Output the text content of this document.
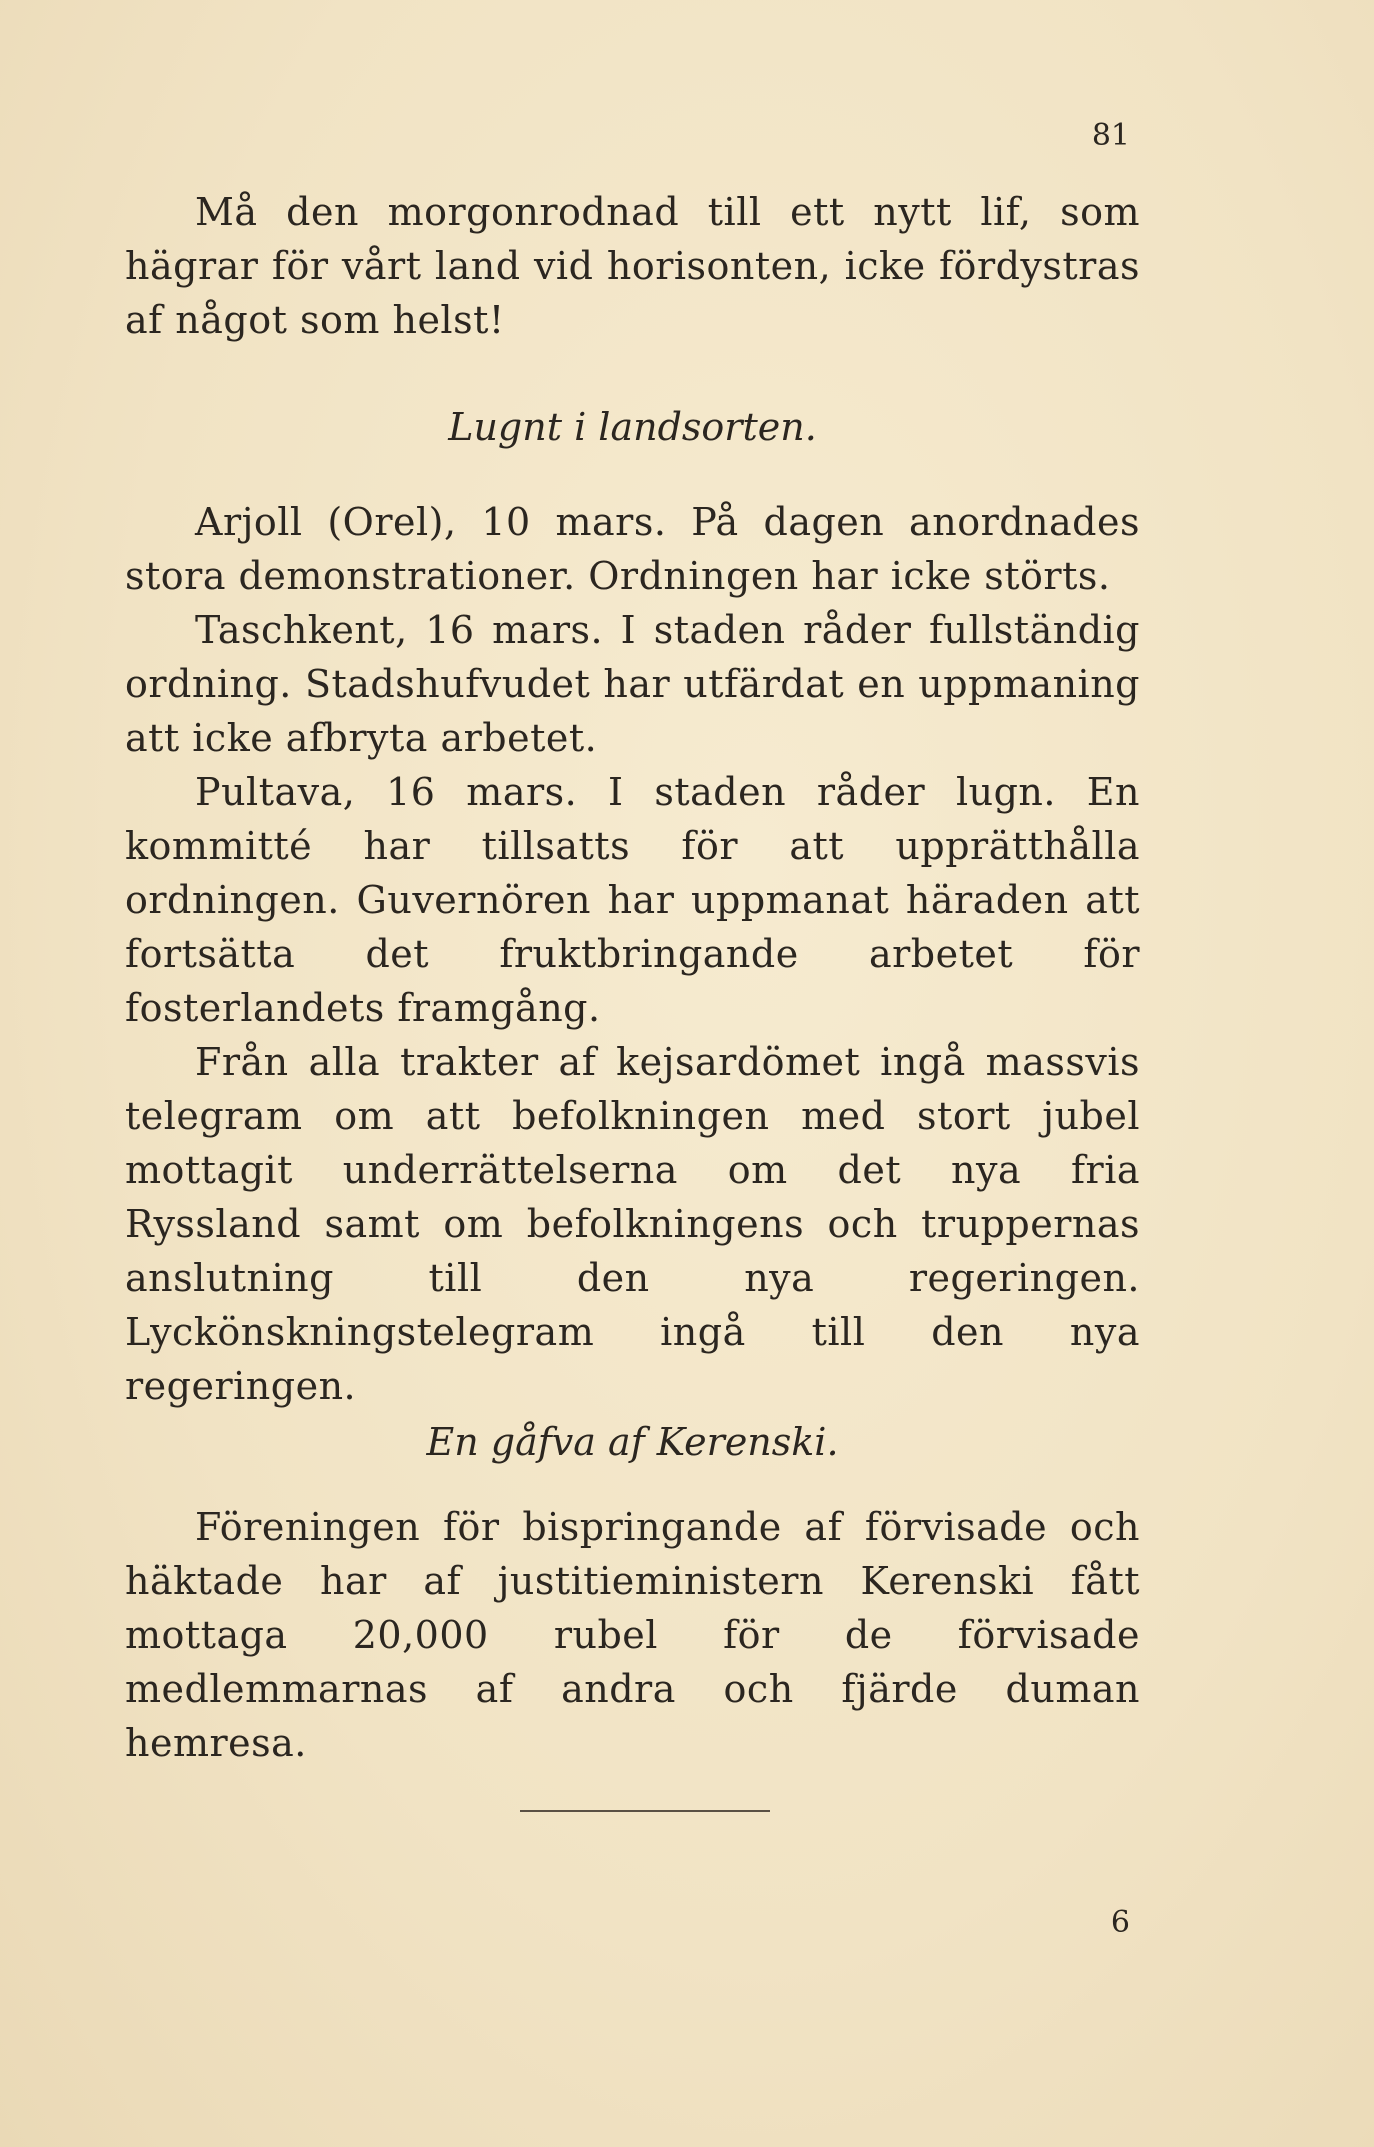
81

Må den morgonrodnad till ett nytt lif, som hägrar för vårt land vid horisonten, icke fördystras af något som helst!

Lugnt i landsorten.

Arjoll (Orel), 10 mars. På dagen anordnades stora demonstrationer. Ordningen har icke störts.

Taschkent, 16 mars. I staden råder fullständig ordning. Stadshufvudet har utfärdat en uppmaning att icke afbryta arbetet.

Pultava, 16 mars. I staden råder lugn. En kommitté har tillsatts för att upprätthålla ordningen. Guvernören har uppmanat häraden att fortsätta det fruktbringande arbetet för fosterlandets framgång.

Från alla trakter af kejsardömet ingå massvis telegram om att befolkningen med stort jubel mottagit underrättelserna om det nya fria Ryssland samt om befolkningens och truppernas anslutning till den nya regeringen. Lyckönskningstelegram ingå till den nya regeringen.

En gåfva af Kerenski.

Föreningen för bispringande af förvisade och häktade har af justitieministern Kerenski fått mottaga 20,000 rubel för de förvisade medlemmarnas af andra och fjärde duman hemresa.

6
